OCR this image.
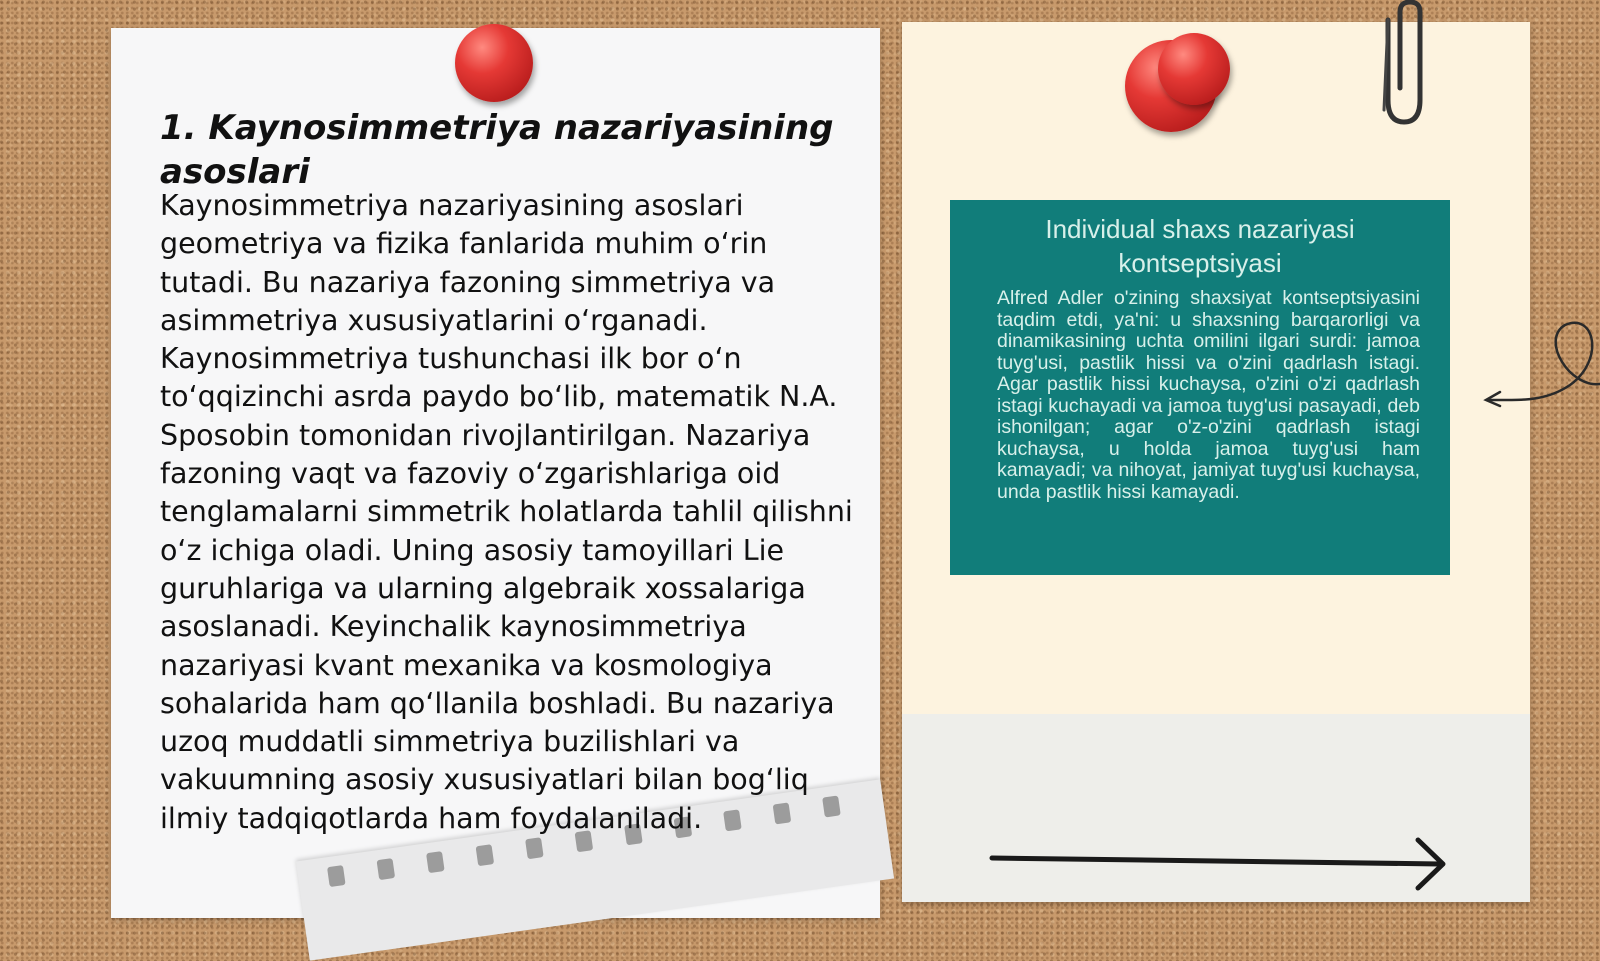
1. Kaynosimmetriya nazariyasining asoslari

Kaynosimmetriya nazariyasining asoslari geometriya va fizika fanlarida muhim o‘rin tutadi. Bu nazariya fazoning simmetriya va asimmetriya xususiyatlarini o‘rganadi. Kaynosimmetriya tushunchasi ilk bor o‘n to‘qqizinchi asrda paydo bo‘lib, matematik N.A. Sposobin tomonidan rivojlantirilgan. Nazariya fazoning vaqt va fazoviy o‘zgarishlariga oid tenglamalarni simmetrik holatlarda tahlil qilishni o‘z ichiga oladi. Uning asosiy tamoyillari Lie guruhlariga va ularning algebraik xossalariga asoslanadi. Keyinchalik kaynosimmetriya nazariyasi kvant mexanika va kosmologiya sohalarida ham qo‘llanila boshladi. Bu nazariya uzoq muddatli simmetriya buzilishlari va vakuumning asosiy xususiyatlari bilan bog‘liq ilmiy tadqiqotlarda ham foydalaniladi.

Individual shaxs nazariyasi kontseptsiyasi
Alfred Adler o'zining shaxsiyat kontseptsiyasini taqdim etdi, ya'ni: u shaxsning barqarorligi va dinamikasining uchta omilini ilgari surdi: jamoa tuyg'usi, pastlik hissi va o'zini qadrlash istagi. Agar pastlik hissi kuchaysa, o'zini o'zi qadrlash istagi kuchayadi va jamoa tuyg'usi pasayadi, deb ishonilgan; agar o'z-o'zini qadrlash istagi kuchaysa, u holda jamoa tuyg'usi ham kamayadi; va nihoyat, jamiyat tuyg'usi kuchaysa, unda pastlik hissi kamayadi.
